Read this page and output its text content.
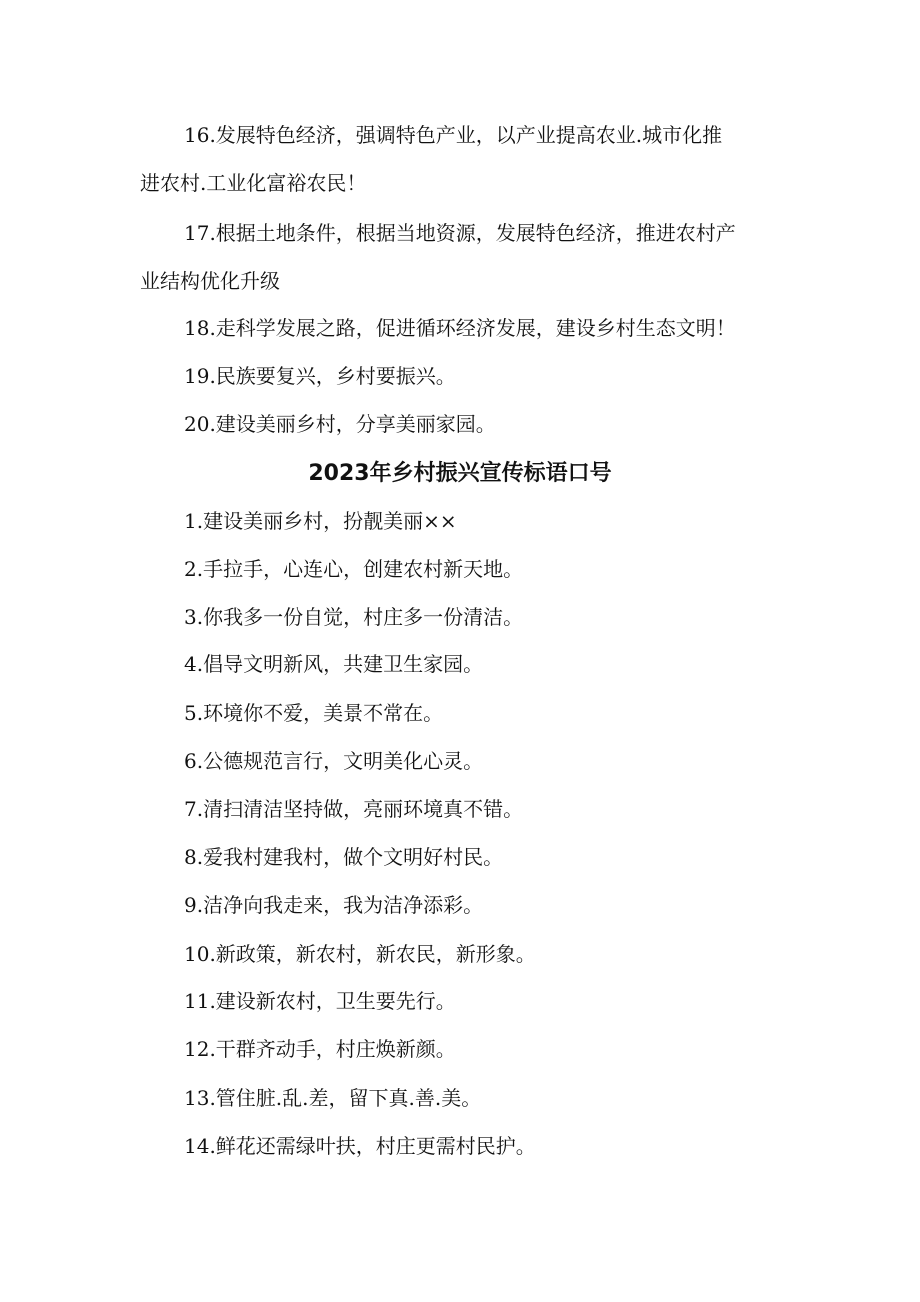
16.发展特色经济，强调特色产业，以产业提高农业.城市化推
进农村.工业化富裕农民！
17.根据土地条件，根据当地资源，发展特色经济，推进农村产
业结构优化升级
18.走科学发展之路，促进循环经济发展，建设乡村生态文明！
19.民族要复兴，乡村要振兴。
20.建设美丽乡村，分享美丽家园。
2023年乡村振兴宣传标语口号
1.建设美丽乡村，扮靓美丽××
2.手拉手，心连心，创建农村新天地。
3.你我多一份自觉，村庄多一份清洁。
4.倡导文明新风，共建卫生家园。
5.环境你不爱，美景不常在。
6.公德规范言行，文明美化心灵。
7.清扫清洁坚持做，亮丽环境真不错。
8.爱我村建我村，做个文明好村民。
9.洁净向我走来，我为洁净添彩。
10.新政策，新农村，新农民，新形象。
11.建设新农村，卫生要先行。
12.干群齐动手，村庄焕新颜。
13.管住脏.乱.差，留下真.善.美。
14.鲜花还需绿叶扶，村庄更需村民护。
